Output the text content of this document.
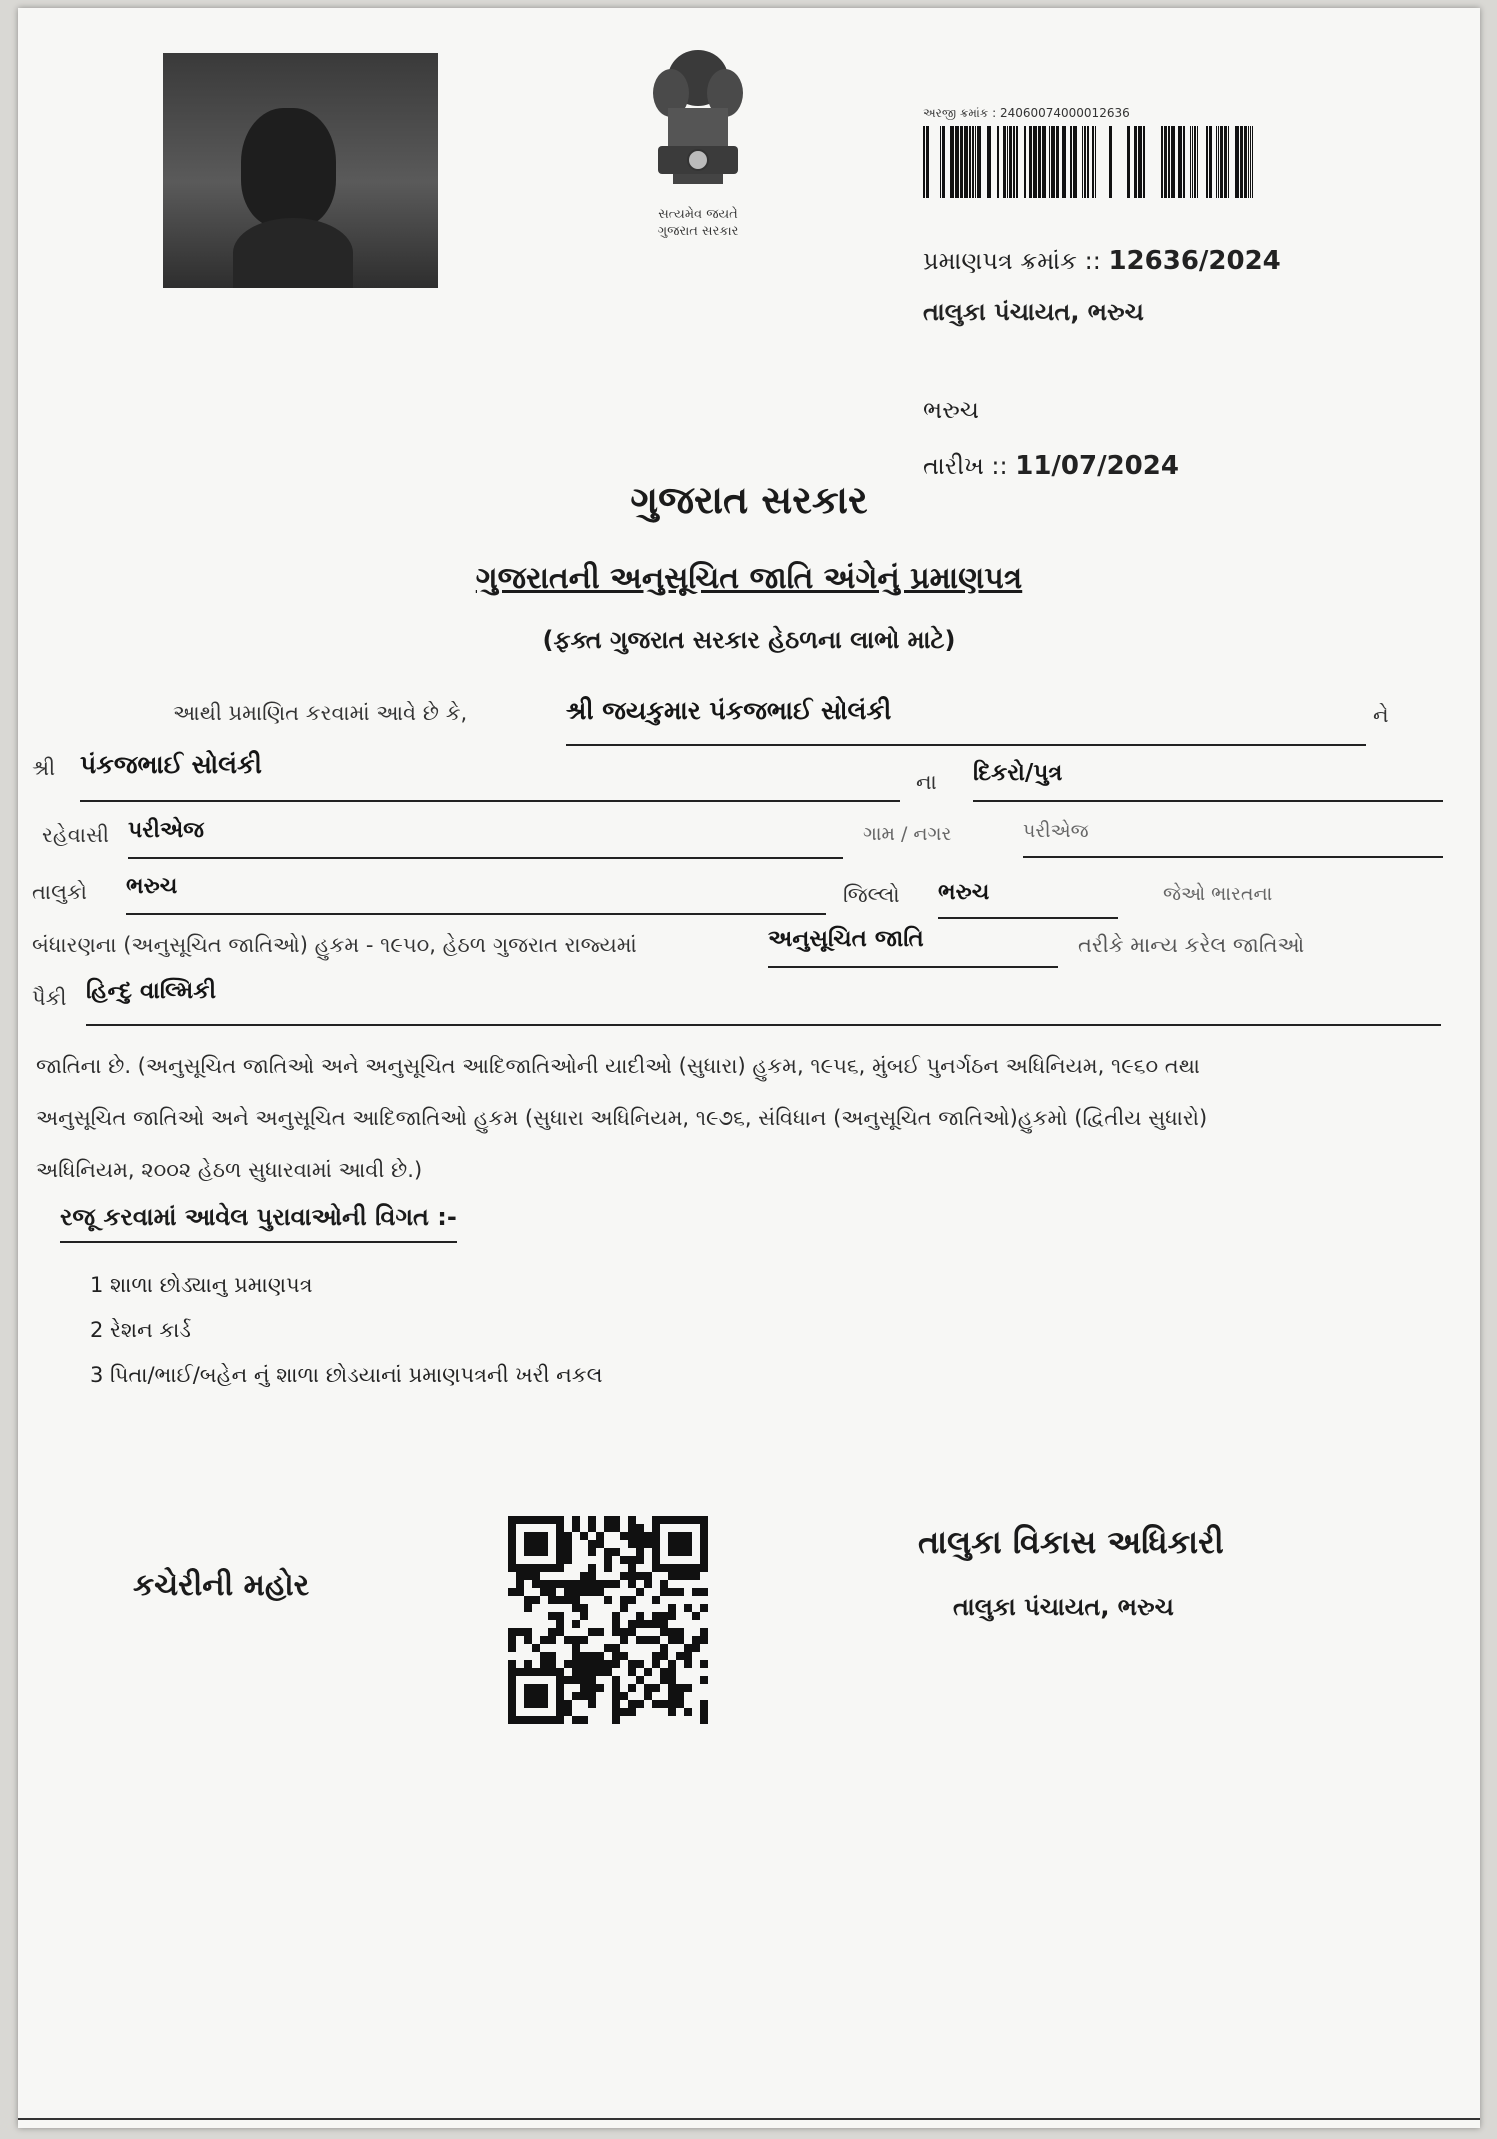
સત્યમેવ જયતે
ગુજરાત સરકાર
અરજી ક્રમાંક : 24060074000012636
પ્રમાણપત્ર ક્રમાંક :: 12636/2024
તાલુકા પંચાયત, ભરુચ
ભરુચ
તારીખ :: 11/07/2024
ગુજરાત સરકાર
ગુજરાતની અનુસૂચિત જાતિ અંગેનું પ્રમાણપત્ર
(ફક્ત ગુજરાત સરકાર હેઠળના લાભો માટે)
આથી પ્રમાણિત કરવામાં આવે છે કે,	શ્રી જયકુમાર પંકજભાઈ સોલંકી	ને
શ્રી પંકજભાઈ સોલંકી
ના દિકરો/પુત્ર
રહેવાસી પરીએજ	ગામ / નગર	પરીએજ
તાલુકો ભરુચ	જિલ્લો ભરુચ	જેઓ ભારતના
બંધારણના (અનુસૂચિત જાતિઓ) હુકમ - ૧૯૫૦, હેઠળ ગુજરાત રાજ્યમાં	અનુસૂચિત જાતિ	તરીકે માન્ય કરેલ જાતિઓ
પૈકી હિન્દુ વાલ્મિકી
જાતિના છે. (અનુસૂચિત જાતિઓ અને અનુસૂચિત આદિજાતિઓની યાદીઓ (સુધારા) હુકમ, ૧૯૫૬, મુંબઈ પુનર્ગઠન અધિનિયમ, ૧૯૬૦ તથા
અનુસૂચિત જાતિઓ અને અનુસૂચિત આદિજાતિઓ હુકમ (સુધારા અધિનિયમ, ૧૯૭૬, સંવિધાન (અનુસૂચિત જાતિઓ)હુકમો (દ્વિતીય સુધારો)
અધિનિયમ, ૨૦૦૨ હેઠળ સુધારવામાં આવી છે.)
રજૂ કરવામાં આવેલ પુરાવાઓની વિગત :-
1 શાળા છોડ્યાનુ પ્રમાણપત્ર
2 રેશન કાર્ડ
3 પિતા/ભાઈ/બહેન નું શાળા છોડયાનાં પ્રમાણપત્રની ખરી નકલ
કચેરીની મહોર
તાલુકા વિકાસ અધિકારી
તાલુકા પંચાયત, ભરુચ
